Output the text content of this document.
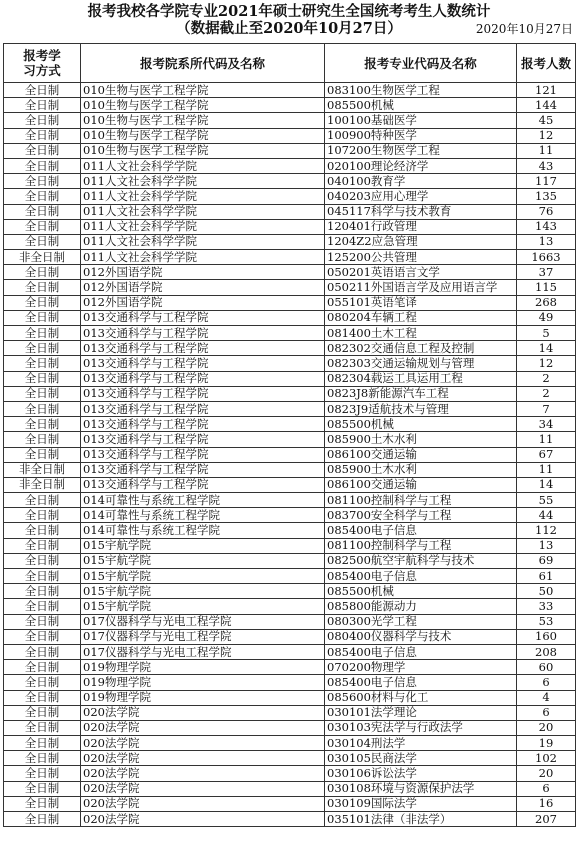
报考我校各学院专业2021年硕士研究生全国统考考生人数统计
（数据截止至2020年10月27日）	2020年10月27日
报考学习方式	报考院系所代码及名称	报考专业代码及名称	报考人数
全日制	010生物与医学工程学院	083100生物医学工程	121
全日制	010生物与医学工程学院	085500机械	144
全日制	010生物与医学工程学院	100100基础医学	45
全日制	010生物与医学工程学院	100900特种医学	12
全日制	010生物与医学工程学院	107200生物医学工程	11
全日制	011人文社会科学学院	020100理论经济学	43
全日制	011人文社会科学学院	040100教育学	117
全日制	011人文社会科学学院	040203应用心理学	135
全日制	011人文社会科学学院	045117科学与技术教育	76
全日制	011人文社会科学学院	120401行政管理	143
全日制	011人文社会科学学院	1204Z2应急管理	13
非全日制	011人文社会科学学院	125200公共管理	1663
全日制	012外国语学院	050201英语语言文学	37
全日制	012外国语学院	050211外国语言学及应用语言学	115
全日制	012外国语学院	055101英语笔译	268
全日制	013交通科学与工程学院	080204车辆工程	49
全日制	013交通科学与工程学院	081400土木工程	5
全日制	013交通科学与工程学院	082302交通信息工程及控制	14
全日制	013交通科学与工程学院	082303交通运输规划与管理	12
全日制	013交通科学与工程学院	082304载运工具运用工程	2
全日制	013交通科学与工程学院	0823J8新能源汽车工程	2
全日制	013交通科学与工程学院	0823J9适航技术与管理	7
全日制	013交通科学与工程学院	085500机械	34
全日制	013交通科学与工程学院	085900土木水利	11
全日制	013交通科学与工程学院	086100交通运输	67
非全日制	013交通科学与工程学院	085900土木水利	11
非全日制	013交通科学与工程学院	086100交通运输	14
全日制	014可靠性与系统工程学院	081100控制科学与工程	55
全日制	014可靠性与系统工程学院	083700安全科学与工程	44
全日制	014可靠性与系统工程学院	085400电子信息	112
全日制	015宇航学院	081100控制科学与工程	13
全日制	015宇航学院	082500航空宇航科学与技术	69
全日制	015宇航学院	085400电子信息	61
全日制	015宇航学院	085500机械	50
全日制	015宇航学院	085800能源动力	33
全日制	017仪器科学与光电工程学院	080300光学工程	53
全日制	017仪器科学与光电工程学院	080400仪器科学与技术	160
全日制	017仪器科学与光电工程学院	085400电子信息	208
全日制	019物理学院	070200物理学	60
全日制	019物理学院	085400电子信息	6
全日制	019物理学院	085600材料与化工	4
全日制	020法学院	030101法学理论	6
全日制	020法学院	030103宪法学与行政法学	20
全日制	020法学院	030104刑法学	19
全日制	020法学院	030105民商法学	102
全日制	020法学院	030106诉讼法学	20
全日制	020法学院	030108环境与资源保护法学	6
全日制	020法学院	030109国际法学	16
全日制	020法学院	035101法律（非法学）	207
